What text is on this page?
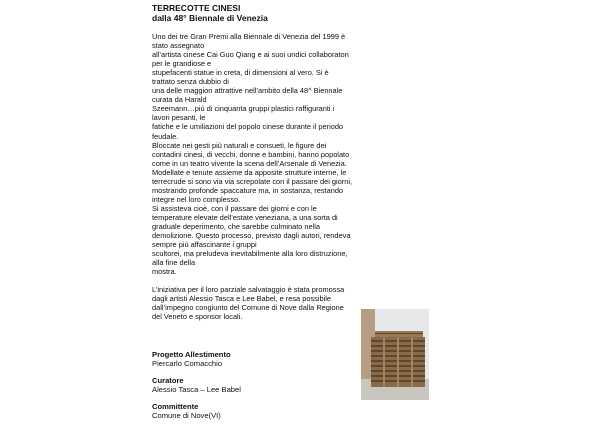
TERRECOTTE CINESI

dalla 48° Biennale di Venezia

Uno dei tre Gran Premi alla Biennale di Venezia del 1999 è
stato assegnato
all’artista cinese Cai Guo Qiang e ai suoi undici collaboratori
per le grandiose e
stupefacenti statue in creta, di dimensioni al vero. Si è
trattato senza dubbio di
una delle maggiori attrattive nell’ambito della 48^ Biennale
curata da Harald
Szeemann…più di cinquanta gruppi plastici raffiguranti i
lavori pesanti, le
fatiche e le umiliazioni del popolo cinese durante il periodo
feudale.
Bloccate nei gesti più naturali e consueti, le figure dei
contadini cinesi, di vecchi, donne e bambini, hanno popolato
come in un teatro vivente la scena dell’Arsenale di Venezia.
Modellate e tenute assieme da apposite strutture interne, le
terrecrude si sono via via screpolate con il passare dei giorni,
mostrando profonde spaccature ma, in sostanza, restando
integre nel loro complesso.
Si assisteva cioè, con il passare dei giorni e con le
temperature elevate dell’estate veneziana, a una sorta di
graduale deperimento, che sarebbe culminato nella
demolizione. Questo processo, previsto dagli autori, rendeva
sempre più affascinante i gruppi
scultorei, ma preludeva inevitabilmente alla loro distruzione,
alla fine della
mostra.

L’iniziativa per il loro parziale salvataggio è stata promossa
dagli artisti Alessio Tasca e Lee Babel, e resa possibile
dall’impegno congiunto del Comune di Nove dalla Regione
del Veneto e sponsor locali.

Progetto Allestimento

Piercarlo Comacchio

Curatore

Alessio Tasca – Lee Babel

Committente

Comune di Nove(VI)
